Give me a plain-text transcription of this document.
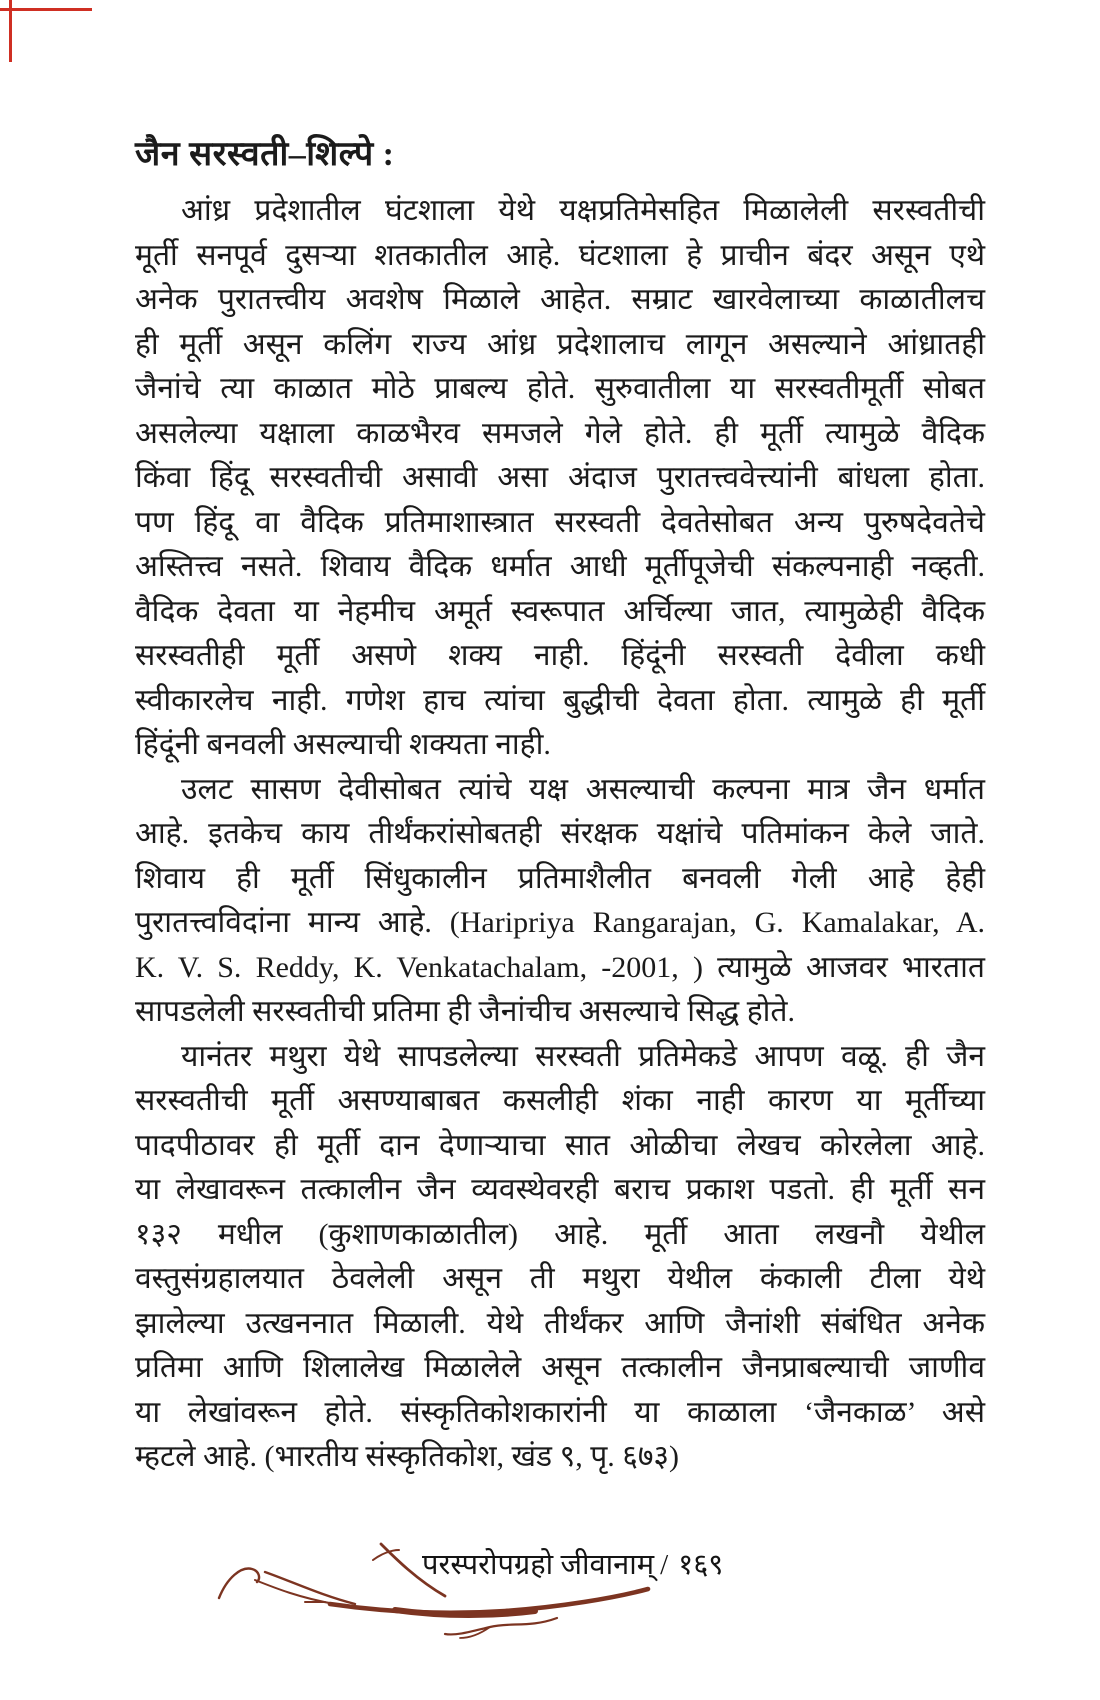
जैन सरस्वती–शिल्पे :
आंध्र प्रदेशातील घंटशाला येथे यक्षप्रतिमेसहित मिळालेली सरस्वतीची
मूर्ती सनपूर्व दुसऱ्या शतकातील आहे. घंटशाला हे प्राचीन बंदर असून एथे
अनेक पुरातत्त्वीय अवशेष मिळाले आहेत. सम्राट खारवेलाच्या काळातीलच
ही मूर्ती असून कलिंग राज्य आंध्र प्रदेशालाच लागून असल्याने आंध्रातही
जैनांचे त्या काळात मोठे प्राबल्य होते. सुरुवातीला या सरस्वतीमूर्ती सोबत
असलेल्या यक्षाला काळभैरव समजले गेले होते. ही मूर्ती त्यामुळे वैदिक
किंवा हिंदू सरस्वतीची असावी असा अंदाज पुरातत्त्ववेत्त्यांनी बांधला होता.
पण हिंदू वा वैदिक प्रतिमाशास्त्रात सरस्वती देवतेसोबत अन्य पुरुषदेवतेचे
अस्तित्त्व नसते. शिवाय वैदिक धर्मात आधी मूर्तीपूजेची संकल्पनाही नव्हती.
वैदिक देवता या नेहमीच अमूर्त स्वरूपात अर्चिल्या जात, त्यामुळेही वैदिक
सरस्वतीही मूर्ती असणे शक्य नाही. हिंदूंनी सरस्वती देवीला कधी
स्वीकारलेच नाही. गणेश हाच त्यांचा बुद्धीची देवता होता. त्यामुळे ही मूर्ती
हिंदूंनी बनवली असल्याची शक्यता नाही.
उलट सासण देवीसोबत त्यांचे यक्ष असल्याची कल्पना मात्र जैन धर्मात
आहे. इतकेच काय तीर्थंकरांसोबतही संरक्षक यक्षांचे पतिमांकन केले जाते.
शिवाय ही मूर्ती सिंधुकालीन प्रतिमाशैलीत बनवली गेली आहे हेही
पुरातत्त्वविदांना मान्य आहे. (Haripriya Rangarajan, G. Kamalakar, A.
K. V. S. Reddy, K. Venkatachalam, -2001, ) त्यामुळे आजवर भारतात
सापडलेली सरस्वतीची प्रतिमा ही जैनांचीच असल्याचे सिद्ध होते.
यानंतर मथुरा येथे सापडलेल्या सरस्वती प्रतिमेकडे आपण वळू. ही जैन
सरस्वतीची मूर्ती असण्याबाबत कसलीही शंका नाही कारण या मूर्तीच्या
पादपीठावर ही मूर्ती दान देणाऱ्याचा सात ओळीचा लेखच कोरलेला आहे.
या लेखावरून तत्कालीन जैन व्यवस्थेवरही बराच प्रकाश पडतो. ही मूर्ती सन
१३२ मधील (कुशाणकाळातील) आहे. मूर्ती आता लखनौ येथील
वस्तुसंग्रहालयात ठेवलेली असून ती मथुरा येथील कंकाली टीला येथे
झालेल्या उत्खननात मिळाली. येथे तीर्थंकर आणि जैनांशी संबंधित अनेक
प्रतिमा आणि शिलालेख मिळालेले असून तत्कालीन जैनप्राबल्याची जाणीव
या लेखांवरून होते. संस्कृतिकोशकारांनी या काळाला ‘जैनकाळ’ असे
म्हटले आहे. (भारतीय संस्कृतिकोश, खंड ९, पृ. ६७३)
परस्परोपग्रहो जीवानाम् / १६९
